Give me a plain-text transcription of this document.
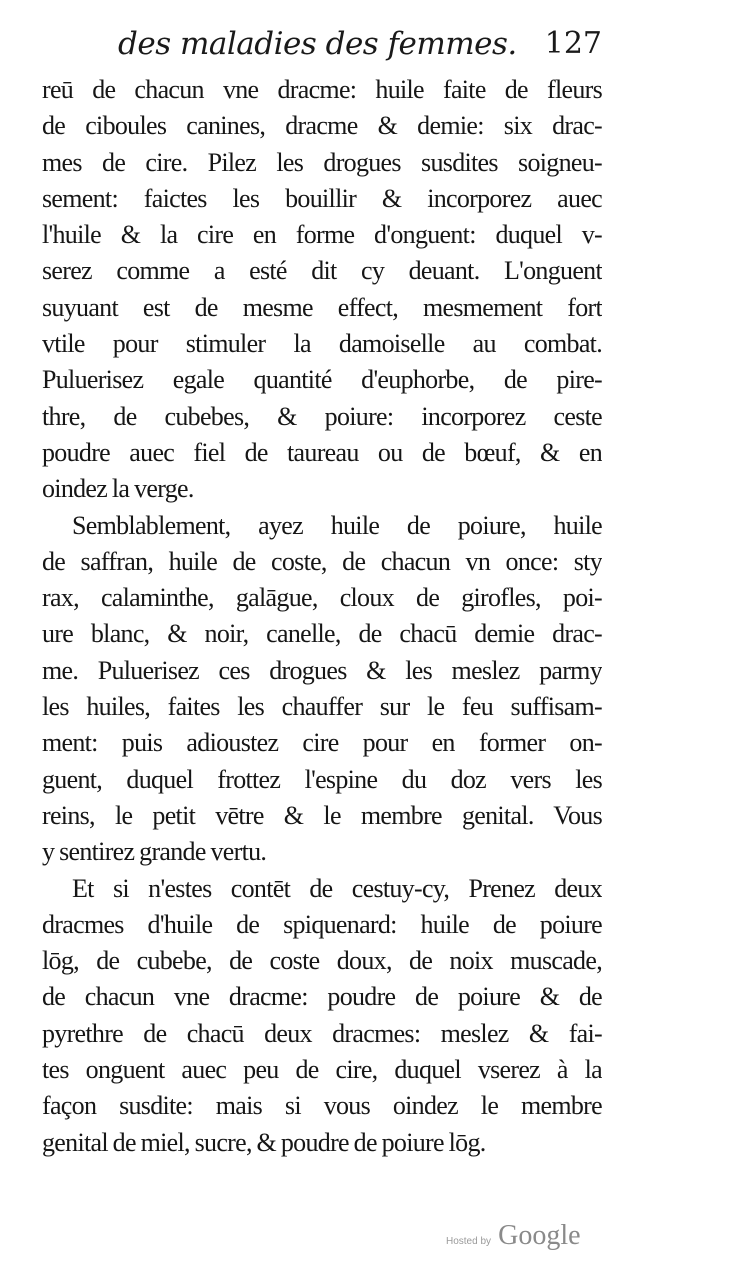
des maladies des femmes. 127
reū de chacun vne dracme: huile faite de fleurs
de ciboules canines, dracme & demie: six drac-
mes de cire. Pilez les drogues susdites soigneu-
sement: faictes les bouillir & incorporez auec
l'huile & la cire en forme d'onguent: duquel v-
serez comme a esté dit cy deuant. L'onguent
suyuant est de mesme effect, mesmement fort
vtile pour stimuler la damoiselle au combat.
Puluerisez egale quantité d'euphorbe, de pire-
thre, de cubebes, & poiure: incorporez ceste
poudre auec fiel de taureau ou de bœuf, & en
oindez la verge.
Semblablement, ayez huile de poiure, huile
de saffran, huile de coste, de chacun vn once: sty
rax, calaminthe, galāgue, cloux de girofles, poi-
ure blanc, & noir, canelle, de chacū demie drac-
me. Puluerisez ces drogues & les meslez parmy
les huiles, faites les chauffer sur le feu suffisam-
ment: puis adioustez cire pour en former on-
guent, duquel frottez l'espine du doz vers les
reins, le petit vētre & le membre genital. Vous
y sentirez grande vertu.
Et si n'estes contēt de cestuy-cy, Prenez deux
dracmes d'huile de spiquenard: huile de poiure
lōg, de cubebe, de coste doux, de noix muscade,
de chacun vne dracme: poudre de poiure & de
pyrethre de chacū deux dracmes: meslez & fai-
tes onguent auec peu de cire, duquel vserez à la
façon susdite: mais si vous oindez le membre
genital de miel, sucre, & poudre de poiure lōg.
Hosted by Google
